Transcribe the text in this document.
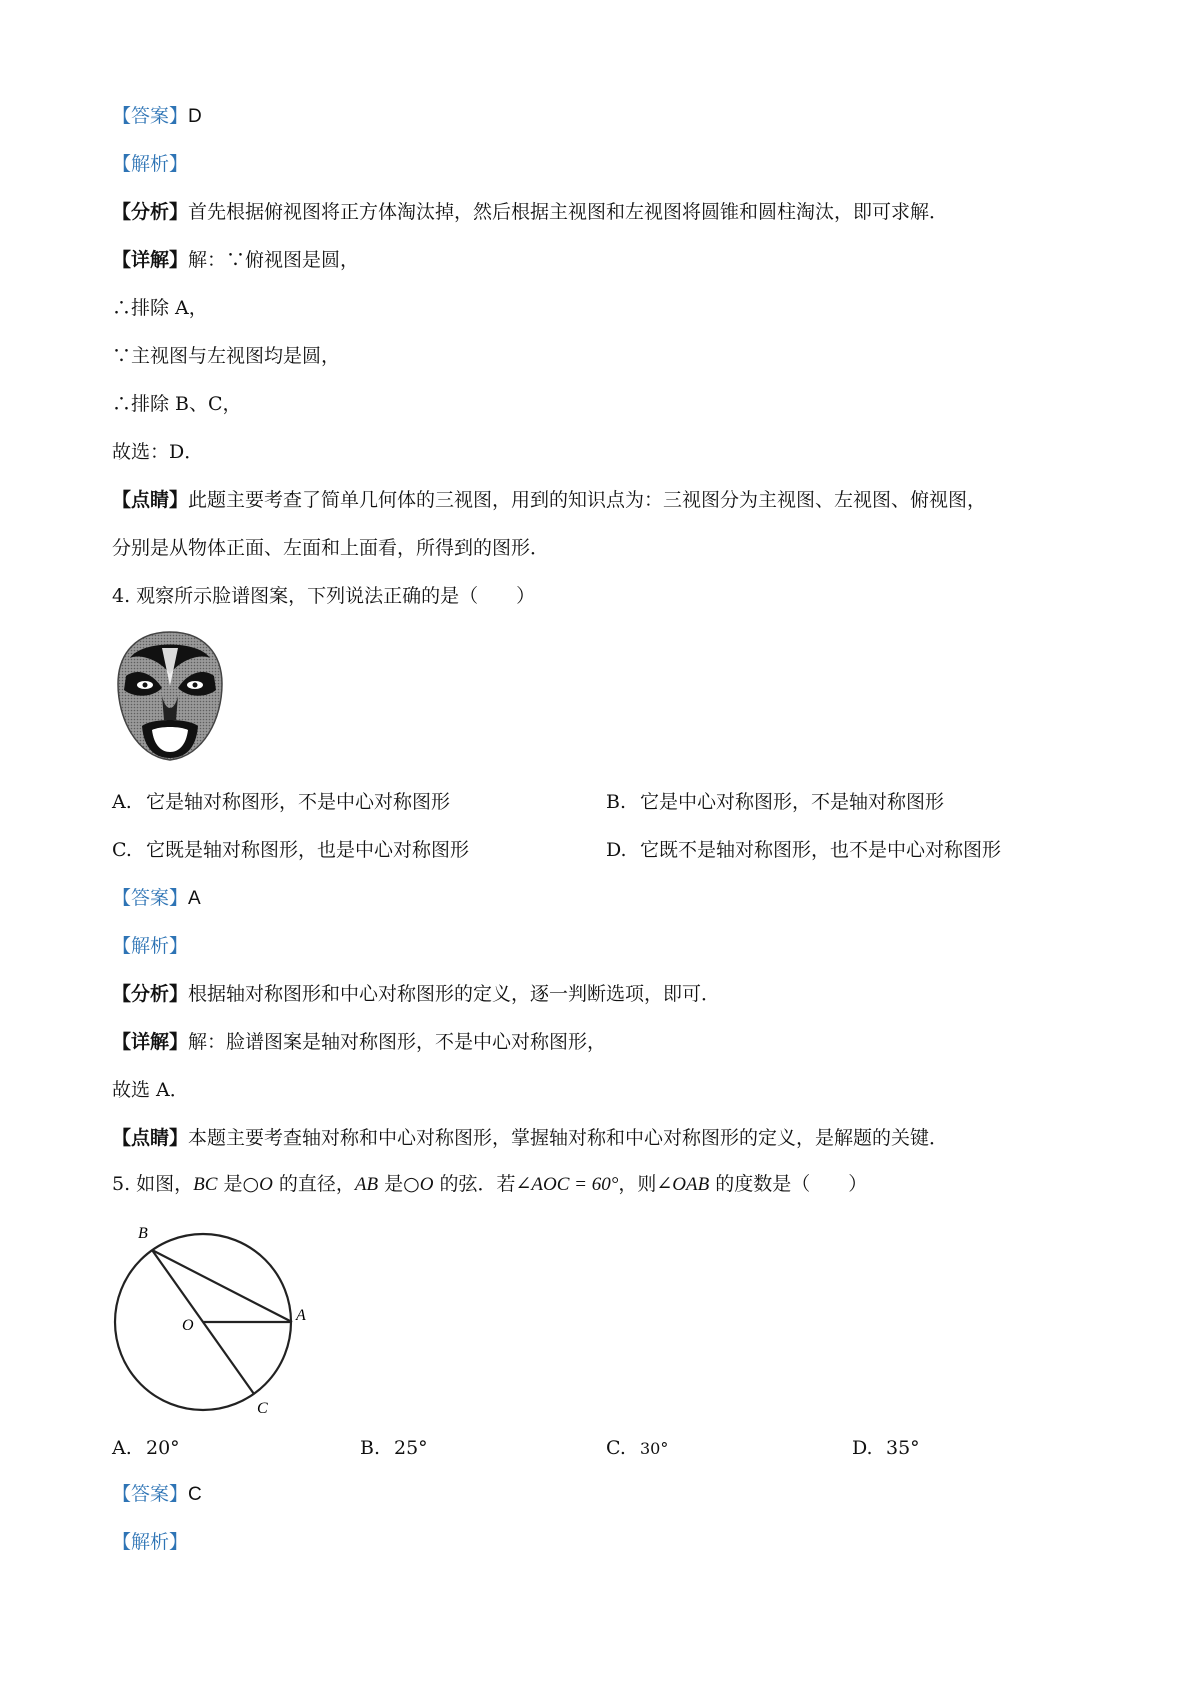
【答案】D
【解析】
【分析】首先根据俯视图将正方体淘汰掉，然后根据主视图和左视图将圆锥和圆柱淘汰，即可求解．
【详解】解：∵俯视图是圆，
∴排除 A，
∵主视图与左视图均是圆，
∴排除 B、C，
故选：D．
【点睛】此题主要考查了简单几何体的三视图，用到的知识点为：三视图分为主视图、左视图、俯视图，
分别是从物体正面、左面和上面看，所得到的图形．
4. 观察所示脸谱图案，下列说法正确的是（　　）
A. 它是轴对称图形，不是中心对称图形	B. 它是中心对称图形，不是轴对称图形
C. 它既是轴对称图形，也是中心对称图形	D. 它既不是轴对称图形，也不是中心对称图形
【答案】A
【解析】
【分析】根据轴对称图形和中心对称图形的定义，逐一判断选项，即可．
【详解】解：脸谱图案是轴对称图形，不是中心对称图形，
故选 A．
【点睛】本题主要考查轴对称和中心对称图形，掌握轴对称和中心对称图形的定义，是解题的关键．
5. 如图，BC 是○O 的直径，AB 是○O 的弦．若∠AOC = 60°，则∠OAB 的度数是（　　）
B
A
O
C
A. 20°	B. 25°	C. 30°	D. 35°
【答案】C
【解析】
